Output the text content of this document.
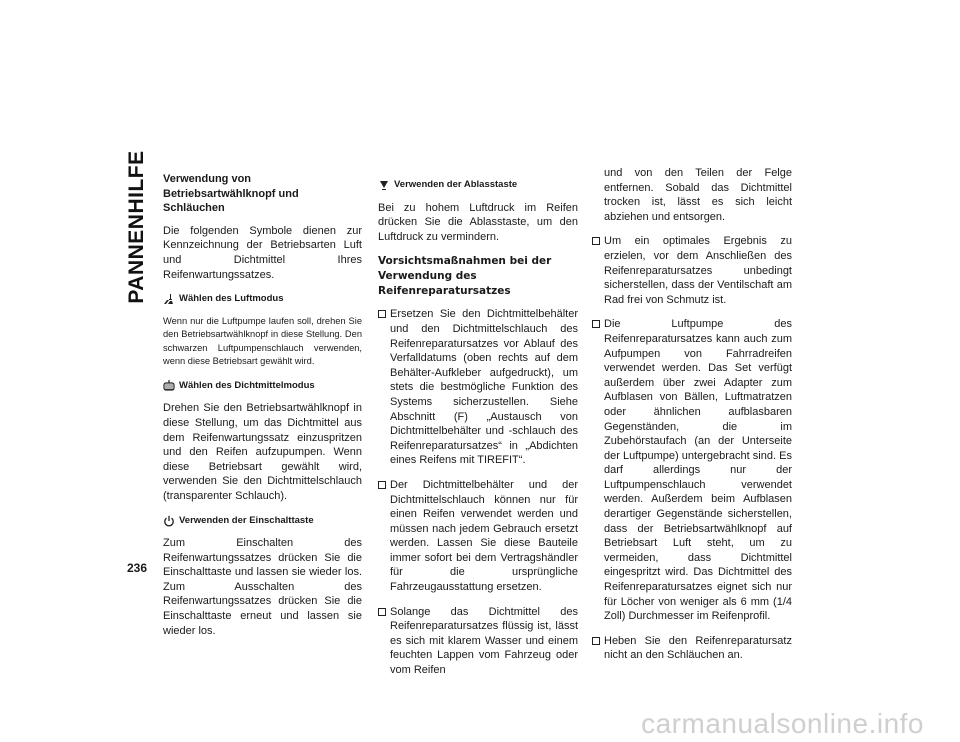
PANNENHILFE
236

Verwendung von Betriebsartwählknopf und Schläuchen

Die folgenden Symbole dienen zur Kennzeichnung der Betriebsarten Luft und Dichtmittel Ihres Reifenwartungssatzes.

Wählen des Luftmodus

Wenn nur die Luftpumpe laufen soll, drehen Sie den Betriebsartwählknopf in diese Stellung. Den schwarzen Luftpumpenschlauch verwenden, wenn diese Betriebsart gewählt wird.

Wählen des Dichtmittelmodus

Drehen Sie den Betriebsartwählknopf in diese Stellung, um das Dichtmittel aus dem Reifenwartungssatz einzuspritzen und den Reifen aufzupumpen. Wenn diese Betriebsart gewählt wird, verwenden Sie den Dichtmittelschlauch (transparenter Schlauch).

Verwenden der Einschalttaste

Zum Einschalten des Reifenwartungssatzes drücken Sie die Einschalttaste und lassen sie wieder los. Zum Ausschalten des Reifenwartungssatzes drücken Sie die Einschalttaste erneut und lassen sie wieder los.

Verwenden der Ablasstaste

Bei zu hohem Luftdruck im Reifen drücken Sie die Ablasstaste, um den Luftdruck zu vermindern.

Vorsichtsmaßnahmen bei der Verwendung des Reifenreparatursatzes

Ersetzen Sie den Dichtmittelbehälter und den Dichtmittelschlauch des Reifenreparatursatzes vor Ablauf des Verfalldatums (oben rechts auf dem Behälter-Aufkleber aufgedruckt), um stets die bestmögliche Funktion des Systems sicherzustellen. Siehe Abschnitt (F) „Austausch von Dichtmittelbehälter und -schlauch des Reifenreparatursatzes“ in „Abdichten eines Reifens mit TIREFIT“.
Der Dichtmittelbehälter und der Dichtmittelschlauch können nur für einen Reifen verwendet werden und müssen nach jedem Gebrauch ersetzt werden. Lassen Sie diese Bauteile immer sofort bei dem Vertragshändler für die ursprüngliche Fahrzeugausstattung ersetzen.
Solange das Dichtmittel des Reifenreparatursatzes flüssig ist, lässt es sich mit klarem Wasser und einem feuchten Lappen vom Fahrzeug oder vom Reifen

und von den Teilen der Felge entfernen. Sobald das Dichtmittel trocken ist, lässt es sich leicht abziehen und entsorgen.

Um ein optimales Ergebnis zu erzielen, vor dem Anschließen des Reifenreparatursatzes unbedingt sicherstellen, dass der Ventilschaft am Rad frei von Schmutz ist.
Die Luftpumpe des Reifenreparatursatzes kann auch zum Aufpumpen von Fahrradreifen verwendet werden. Das Set verfügt außerdem über zwei Adapter zum Aufblasen von Bällen, Luftmatratzen oder ähnlichen aufblasbaren Gegenständen, die im Zubehörstaufach (an der Unterseite der Luftpumpe) untergebracht sind. Es darf allerdings nur der Luftpumpenschlauch verwendet werden. Außerdem beim Aufblasen derartiger Gegenstände sicherstellen, dass der Betriebsartwählknopf auf Betriebsart Luft steht, um zu vermeiden, dass Dichtmittel eingespritzt wird. Das Dichtmittel des Reifenreparatursatzes eignet sich nur für Löcher von weniger als 6 mm (1/4 Zoll) Durchmesser im Reifenprofil.
Heben Sie den Reifenreparatursatz nicht an den Schläuchen an.
carmanualsonline.info
